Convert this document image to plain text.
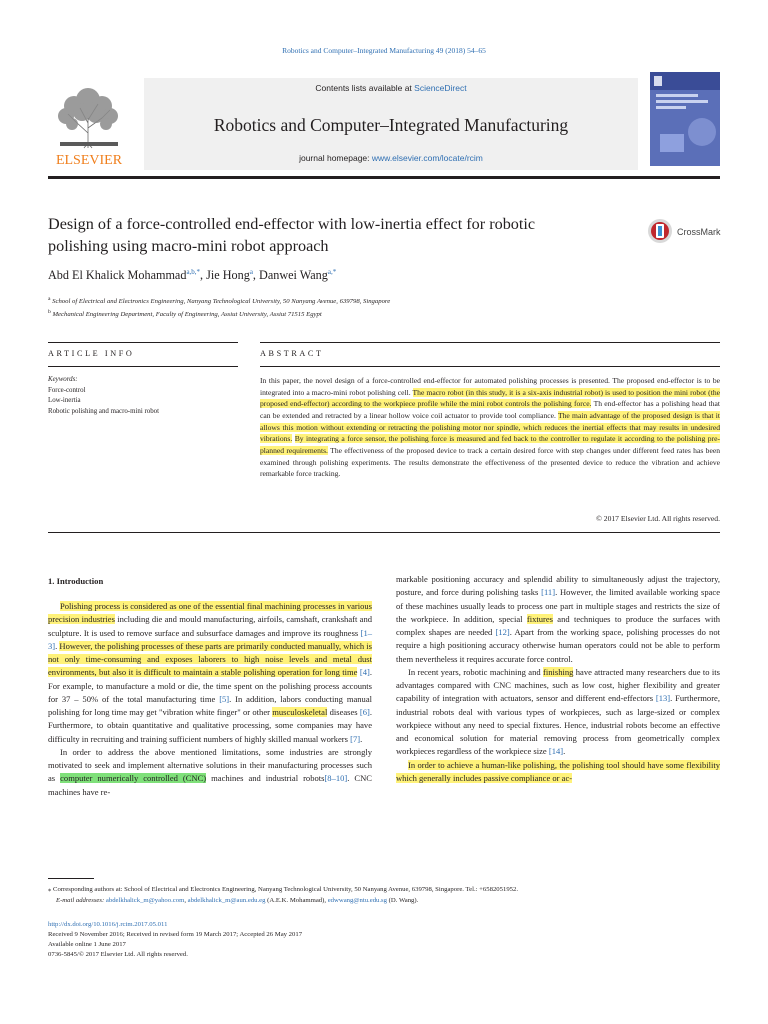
Robotics and Computer–Integrated Manufacturing 49 (2018) 54–65
ELSEVIER
Contents lists available at ScienceDirect
Robotics and Computer–Integrated Manufacturing
journal homepage: www.elsevier.com/locate/rcim
Design of a force-controlled end-effector with low-inertia effect for robotic
polishing using macro-mini robot approach
CrossMark
Abd El Khalick Mohammad$^{a,b,*}$, Jie Hong$^a$, Danwei Wang$^{a,*}$
$^a$ School of Electrical and Electronics Engineering, Nanyang Technological University, 50 Nanyang Avenue, 639798, Singapore
$^b$ Mechanical Engineering Department, Faculty of Engineering, Assiut University, Assiut 71515 Egypt
ARTICLE INFO	ABSTRACT
Keywords:
Force-control
Low-inertia
Robotic polishing and macro-mini robot
In this paper, the novel design of a force-controlled end-effector for automated polishing processes is presented. The proposed end-effector is to be integrated into a macro-mini robot polishing cell. The macro robot (in this study, it is a six-axis industrial robot) is used to position the mini robot (the proposed end-effector) according to the workpiece profile while the mini robot controls the polishing force. Th end-effector has a polishing head that can be extended and retracted by a linear hollow voice coil actuator to provide tool compliance. The main advantage of the proposed design is that it allows this motion without extending or retracting the polishing motor nor spindle, which reduces the inertial effects that may results in undesired vibrations. By integrating a force sensor, the polishing force is measured and fed back to the controller to regulate it according to the polishing pre-planned requirements. The effectiveness of the proposed device to track a certain desired force with step changes under different feed rates has been examined through polishing experiments. The results demonstrate the effectiveness of the presented device to reduce the vibration and achieve remarkable force tracking.
© 2017 Elsevier Ltd. All rights reserved.
1. Introduction

Polishing process is considered as one of the essential final machining processes in various precision industries including die and mould manufacturing, airfoils, camshaft, crankshaft and sculpture. It is used to remove surface and subsurface damages and improve its roughness [1–3]. However, the polishing processes of these parts are primarily conducted manually, which is not only time-consuming and exposes laborers to high noise levels and metal dust environments, but also it is difficult to maintain a stable polishing operation for long time [4]. For example, to manufacture a mold or die, the time spent on the polishing process accounts for 37 – 50% of the total manufacturing time [5]. In addition, labors conducting manual polishing for long time may get "vibration white finger" or other musculoskeletal diseases [6]. Furthermore, to obtain quantitative and qualitative processing, some companies may have difficulty in recruiting and training sufficient numbers of highly skilled manual workers [7].

In order to address the above mentioned limitations, some industries are strongly motivated to seek and implement alternative solutions in their manufacturing processes such as computer numerically controlled (CNC) machines and industrial robots[8–10]. CNC machines have re-

markable positioning accuracy and splendid ability to simultaneously adjust the trajectory, posture, and force during polishing tasks [11]. However, the limited available working space of these machines usually leads to process one part in multiple stages and restricts the size of the workpiece. In addition, special fixtures and techniques to produce the surfaces with complex shapes are needed [12]. Apart from the working space, polishing processes do not require a high positioning accuracy otherwise human operators could not be able to perform them nevertheless it requires accurate force control.

In recent years, robotic machining and finishing have attracted many researchers due to its advantages compared with CNC machines, such as low cost, higher flexibility and greater capability of integration with actuators, sensor and different end-effectors [13]. Furthermore, industrial robots deal with various types of workpieces, such as large-sized or complex workpiece without any need to special fixtures. Hence, industrial robots become an effective and economical solution for material removing process from geometrically complex workpieces regardless of the workpiece size [14].

In order to achieve a human-like polishing, the polishing tool should have some flexibility which generally includes passive compliance or ac-

⁎ Corresponding authors at: School of Electrical and Electronics Engineering, Nanyang Technological University, 50 Nanyang Avenue, 639798, Singapore. Tel.: +6582051952.
E-mail addresses: abdelkhalick_m@yahoo.com, abdelkhalick_m@aun.edu.eg (A.E.K. Mohammad), edwwang@ntu.edu.sg (D. Wang).
http://dx.doi.org/10.1016/j.rcim.2017.05.011
Received 9 November 2016; Received in revised form 19 March 2017; Accepted 26 May 2017
Available online 1 June 2017
0736-5845/© 2017 Elsevier Ltd. All rights reserved.
